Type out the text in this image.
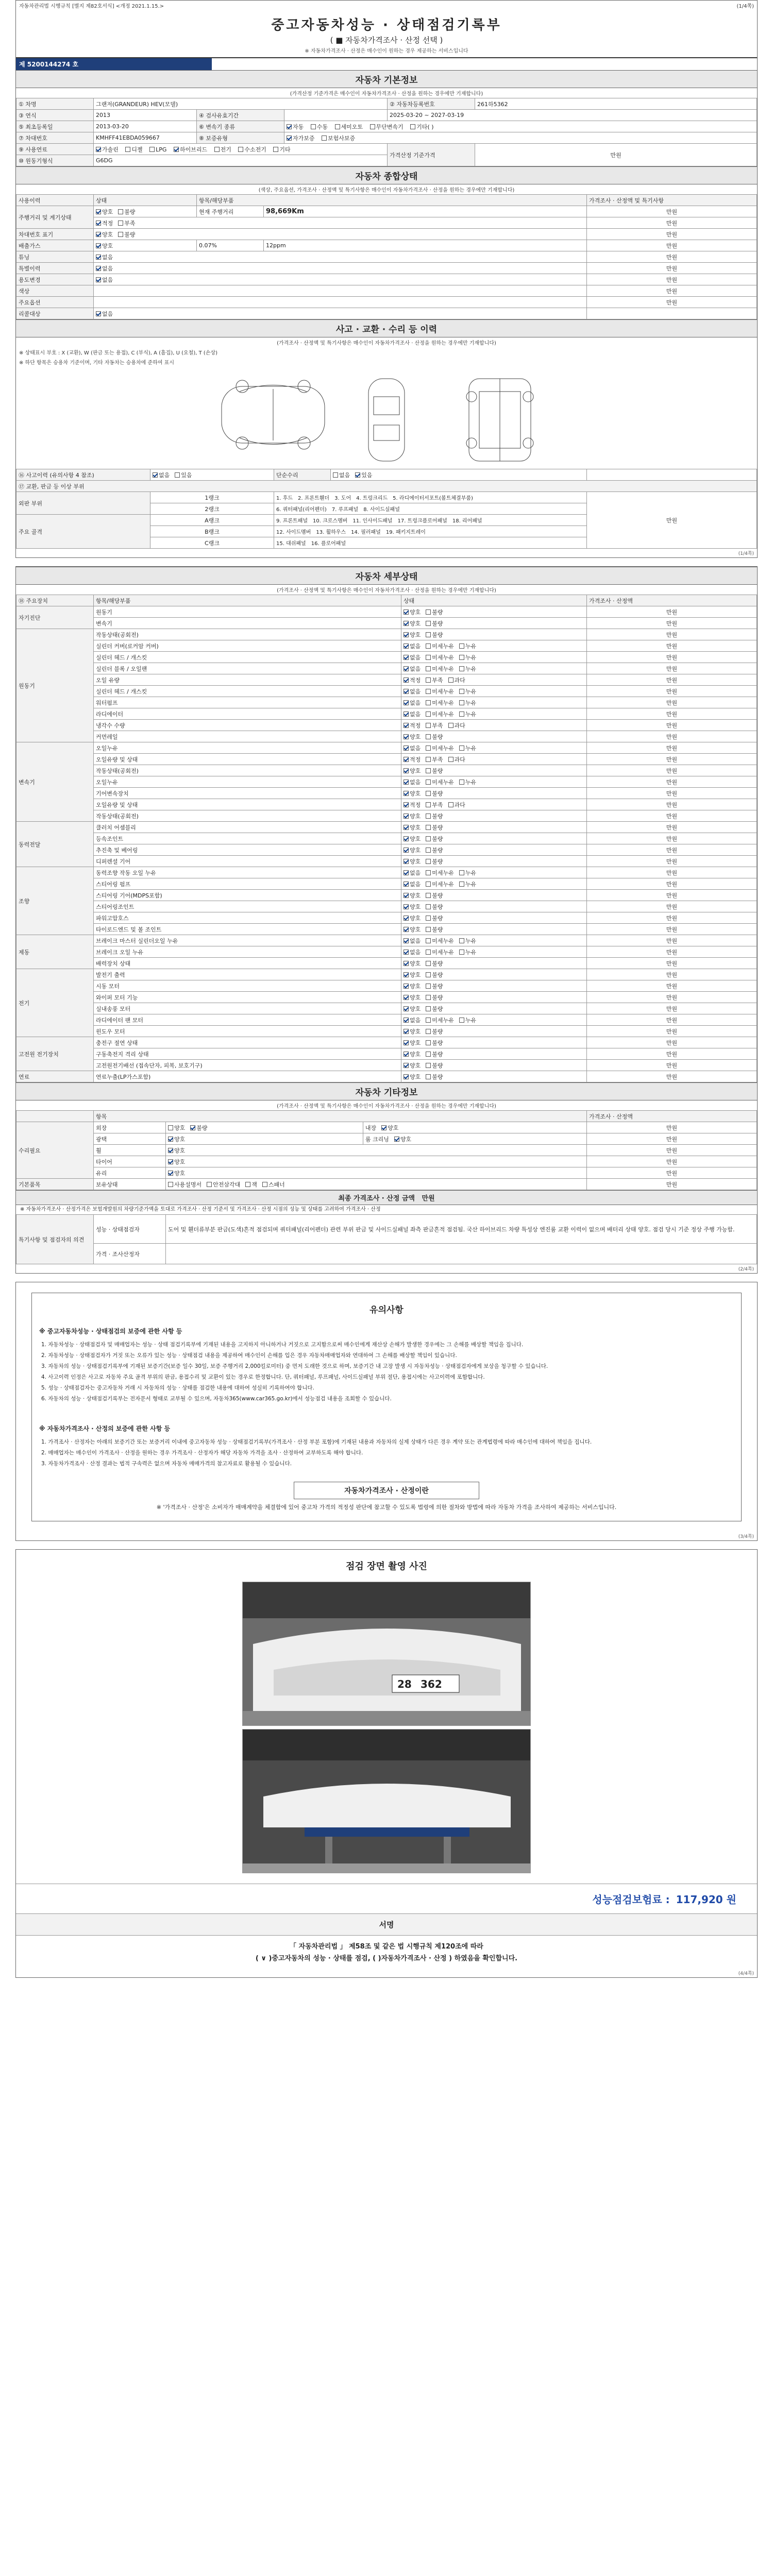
자동차관리법 시행규칙 [별지 제82호서식] <개정 2021.1.15.>	(1/4쪽)
중고자동차성능 · 상태점검기록부
( ■ 자동차가격조사 · 산정 선택 )
※ 자동차가격조사 · 산정은 매수인이 원하는 경우 제공하는 서비스입니다
제 5200144274 호
자동차 기본정보
(가격산정 기준가격은 매수인이 자동차가격조사 · 산정을 원하는 경우에만 기재합니다)
① 차명	그랜저(GRANDEUR) HEV(모델)			② 자동차등록번호	261하5362
③ 연식	2013	④ 검사유효기간		2025-03-20 ~ 2027-03-19	
⑤ 최초등록일	2013-03-20	⑥ 변속기 종류	자동 수동 세미오토 무단변속기 기타( )		
⑦ 차대번호	KMHFF41EBDA059667	⑧ 보증유형	자가보증 보험사보증		
⑨ 사용연료	가솔린 디젤 LPG 하이브리드 전기 수소전기 기타			가격산정 기준가격	만원
⑩ 원동기형식	G6DG				
자동차 종합상태
(색상, 주요옵션, 가격조사 · 산정액 및 특기사항은 매수인이 자동차가격조사 · 산정을 원하는 경우에만 기재합니다)
사용이력	상태	항목/해당부품		가격조사 · 산정액 및 특기사항
주행거리 및 계기상태	양호 불량	현재 주행거리	98,669Km	만원
	적정 부족			만원
차대번호 표기	양호 불량			만원
배출가스	양호	0.07%	12ppm	만원
튜닝	없음			만원
특별이력	없음			만원
용도변경	없음			만원
색상				만원
주요옵션				만원
리콜대상	없음			
사고 · 교환 · 수리 등 이력
(가격조사 · 산정액 및 특기사항은 매수인이 자동차가격조사 · 산정을 원하는 경우에만 기재합니다)
※ 상태표시 부호 : X (교환), W (판금 또는 용접), C (부식), A (흠집), U (요철), T (손상)
※ 하단 항목은 승용차 기준이며, 기타 자동차는 승용차에 준하여 표시
⑯ 사고이력 (유의사항 4 참조)	없음 있음	단순수리	없음 있음	
⑰ 교환, 판금 등 이상 부위				
외판 부위	1랭크	1. 후드 2. 프론트휀더 3. 도어 4. 트렁크리드 5. 라디에이터서포트(볼트체결부품)		만원
	2랭크	6. 쿼터패널(리어펜더) 7. 루프패널 8. 사이드실패널		
주요 골격	A랭크	9. 프론트패널 10. 크로스멤버 11. 인사이드패널 17. 트렁크플로어패널 18. 리어패널		
	B랭크	12. 사이드멤버 13. 휠하우스 14. 필러패널 19. 패키지트레이		
	C랭크	15. 대쉬패널 16. 플로어패널		
(1/4쪽)
자동차 세부상태
(가격조사 · 산정액 및 특기사항은 매수인이 자동차가격조사 · 산정을 원하는 경우에만 기재합니다)
⑱ 주요장치	항목/해당부품	상태	가격조사 · 산정액
자기진단	원동기	양호 불량	만원
	변속기	양호 불량	만원
원동기	작동상태(공회전)	양호 불량	만원
	실린더 커버(로커암 커버)	없음 미세누유 누유	만원
	실린더 헤드 / 개스킷	없음 미세누유 누유	만원
	실린더 블록 / 오일팬	없음 미세누유 누유	만원
	오일 유량	적정 부족 과다	만원
	실린더 헤드 / 개스킷	없음 미세누유 누유	만원
	워터펌프	없음 미세누유 누유	만원
	라디에이터	없음 미세누유 누유	만원
	냉각수 수량	적정 부족 과다	만원
	커먼레일	양호 불량	만원
변속기	오일누유	없음 미세누유 누유	만원
	오일유량 및 상태	적정 부족 과다	만원
	작동상태(공회전)	양호 불량	만원
	오일누유	없음 미세누유 누유	만원
	기어변속장치	양호 불량	만원
	오일유량 및 상태	적정 부족 과다	만원
	작동상태(공회전)	양호 불량	만원
동력전달	클러치 어셈블리	양호 불량	만원
	등속조인트	양호 불량	만원
	추진축 및 베어링	양호 불량	만원
	디퍼렌셜 기어	양호 불량	만원
조향	동력조향 작동 오일 누유	없음 미세누유 누유	만원
	스티어링 펌프	없음 미세누유 누유	만원
	스티어링 기어(MDPS포함)	양호 불량	만원
	스티어링조인트	양호 불량	만원
	파워고압호스	양호 불량	만원
	타이로드엔드 및 볼 조인트	양호 불량	만원
제동	브레이크 마스터 실린더오일 누유	없음 미세누유 누유	만원
	브레이크 오일 누유	없음 미세누유 누유	만원
	배력장치 상태	양호 불량	만원
전기	발전기 출력	양호 불량	만원
	시동 모터	양호 불량	만원
	와이퍼 모터 기능	양호 불량	만원
	실내송풍 모터	양호 불량	만원
	라디에이터 팬 모터	없음 미세누유 누유	만원
	윈도우 모터	양호 불량	만원
고전원 전기장치	충전구 절연 상태	양호 불량	만원
	구동축전지 격리 상태	양호 불량	만원
	고전원전기배선 (접속단자, 피복, 보호기구)	양호 불량	만원
연료	연료누출(LP가스포함)	양호 불량	만원
자동차 기타정보
(가격조사 · 산정액 및 특기사항은 매수인이 자동차가격조사 · 산정을 원하는 경우에만 기재합니다)
	항목			가격조사 · 산정액
수리필요	외장	양호 불량	내장 양호	만원
	광택	양호	룸 크리닝 양호	만원
	휠	양호		만원
	타이어	양호		만원
	유리	양호		만원
기본품목	보유상태	사용설명서 안전삼각대 잭 스패너		만원
최종 가격조사 · 산정 금액 만원
※ 자동차가격조사 · 산정가격은 보험개발원의 차량기준가액을 토대로 가격조사 · 산정 기준서 및 가격조사 · 산정 시점의 성능 및 상태를 고려하여 가격조사 · 산정
특기사항 및 점검자의 의견	성능 · 상태점검자	도어 및 휀더류부분 판금(도색)흔적 점검되며 쿼터패널(리어펜더) 관련 부위 판금 및 사이드실패널 좌측 판금흔적 점검됨. 국산 하이브리드 차량 특성상 엔진룸 교환 이력이 없으며 배터리 상태 양호. 점검 당시 기준 정상 주행 가능함.
	가격 · 조사산정자	
(2/4쪽)
유의사항
※ 중고자동차성능 · 상태점검의 보증에 관한 사항 등
1. 자동차성능 · 상태점검자 및 매매업자는 성능 · 상태 점검기록부에 기재된 내용을 고지하지 아니하거나 거짓으로 고지함으로써 매수인에게 재산상 손해가 발생한 경우에는 그 손해를 배상할 책임을 집니다.
2. 자동차성능 · 상태점검자가 거짓 또는 오류가 있는 성능 · 상태점검 내용을 제공하여 매수인이 손해를 입은 경우 자동차매매업자와 연대하여 그 손해를 배상할 책임이 있습니다.
3. 자동차의 성능 · 상태점검기록부에 기재된 보증기간(보증 일수 30일, 보증 주행거리 2,000킬로미터) 중 먼저 도래한 것으로 하며, 보증기간 내 고장 발생 시 자동차성능 · 상태점검자에게 보상을 청구할 수 있습니다.
4. 사고이력 인정은 사고로 자동차 주요 골격 부위의 판금, 용접수리 및 교환이 있는 경우로 한정합니다. 단, 쿼터패널, 루프패널, 사이드실패널 부위 절단, 용접시에는 사고이력에 포함합니다.
5. 성능 · 상태점검자는 중고자동차 거래 시 자동차의 성능 · 상태를 점검한 내용에 대하여 성실히 기록하여야 합니다.
6. 자동차의 성능 · 상태점검기록부는 전자문서 형태로 교부될 수 있으며, 자동차365(www.car365.go.kr)에서 성능점검 내용을 조회할 수 있습니다.
※ 자동차가격조사 · 산정의 보증에 관한 사항 등
1. 가격조사 · 산정자는 아래의 보증기간 또는 보증거리 이내에 중고자동차 성능 · 상태점검기록부(가격조사 · 산정 부분 포함)에 기재된 내용과 자동차의 실제 상태가 다른 경우 계약 또는 관계법령에 따라 매수인에 대하여 책임을 집니다.
2. 매매업자는 매수인이 가격조사 · 산정을 원하는 경우 가격조사 · 산정자가 해당 자동차 가격을 조사 · 산정하여 교부하도록 해야 합니다.
3. 자동차가격조사 · 산정 결과는 법적 구속력은 없으며 자동차 매매가격의 참고자료로 활용될 수 있습니다.
자동차가격조사 · 산정이란
※ '가격조사 · 산정'은 소비자가 매매계약을 체결함에 있어 중고차 가격의 적정성 판단에 참고할 수 있도록 법령에 의한 절차와 방법에 따라 자동차 가격을 조사하여 제공하는 서비스입니다.
(3/4쪽)
점검 장면 촬영 사진
28 362
성능점검보험료 : 117,920 원
서명
「 자동차관리법 」 제58조 및 같은 법 시행규칙 제120조에 따라
( ∨ )중고자동차의 성능 · 상태를 점검, ( )자동차가격조사 · 산정 ) 하였음을 확인합니다.
(4/4쪽)
